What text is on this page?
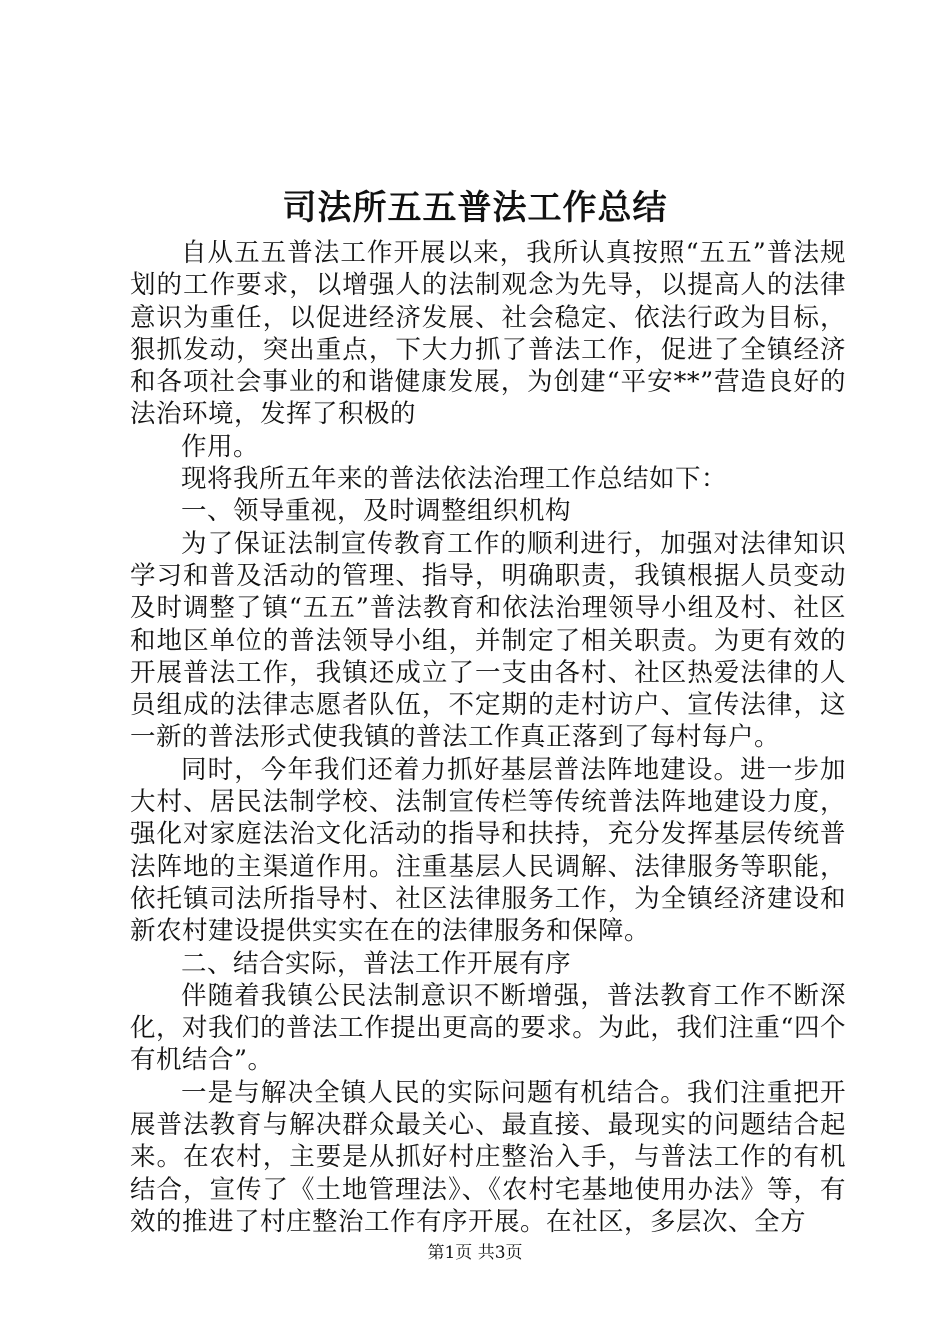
司法所五五普法工作总结

自从五五普法工作开展以来，我所认真按照“五五”普法规划的工作要求，以增强人的法制观念为先导，以提高人的法律意识为重任，以促进经济发展、社会稳定、依法行政为目标，狠抓发动，突出重点，下大力抓了普法工作，促进了全镇经济和各项社会事业的和谐健康发展，为创建“平安**”营造良好的法治环境，发挥了积极的

作用。

现将我所五年来的普法依法治理工作总结如下：

一、领导重视，及时调整组织机构

为了保证法制宣传教育工作的顺利进行，加强对法律知识学习和普及活动的管理、指导，明确职责，我镇根据人员变动及时调整了镇“五五”普法教育和依法治理领导小组及村、社区和地区单位的普法领导小组，并制定了相关职责。为更有效的开展普法工作，我镇还成立了一支由各村、社区热爱法律的人员组成的法律志愿者队伍，不定期的走村访户、宣传法律，这一新的普法形式使我镇的普法工作真正落到了每村每户。

同时，今年我们还着力抓好基层普法阵地建设。进一步加大村、居民法制学校、法制宣传栏等传统普法阵地建设力度，强化对家庭法治文化活动的指导和扶持，充分发挥基层传统普法阵地的主渠道作用。注重基层人民调解、法律服务等职能，依托镇司法所指导村、社区法律服务工作，为全镇经济建设和新农村建设提供实实在在的法律服务和保障。

二、结合实际，普法工作开展有序

伴随着我镇公民法制意识不断增强，普法教育工作不断深化，对我们的普法工作提出更高的要求。为此，我们注重“四个有机结合”。

一是与解决全镇人民的实际问题有机结合。我们注重把开展普法教育与解决群众最关心、最直接、最现实的问题结合起来。在农村，主要是从抓好村庄整治入手，与普法工作的有机结合，宣传了《土地管理法》、《农村宅基地使用办法》等，有效的推进了村庄整治工作有序开展。在社区，多层次、全方

第1页 共3页
